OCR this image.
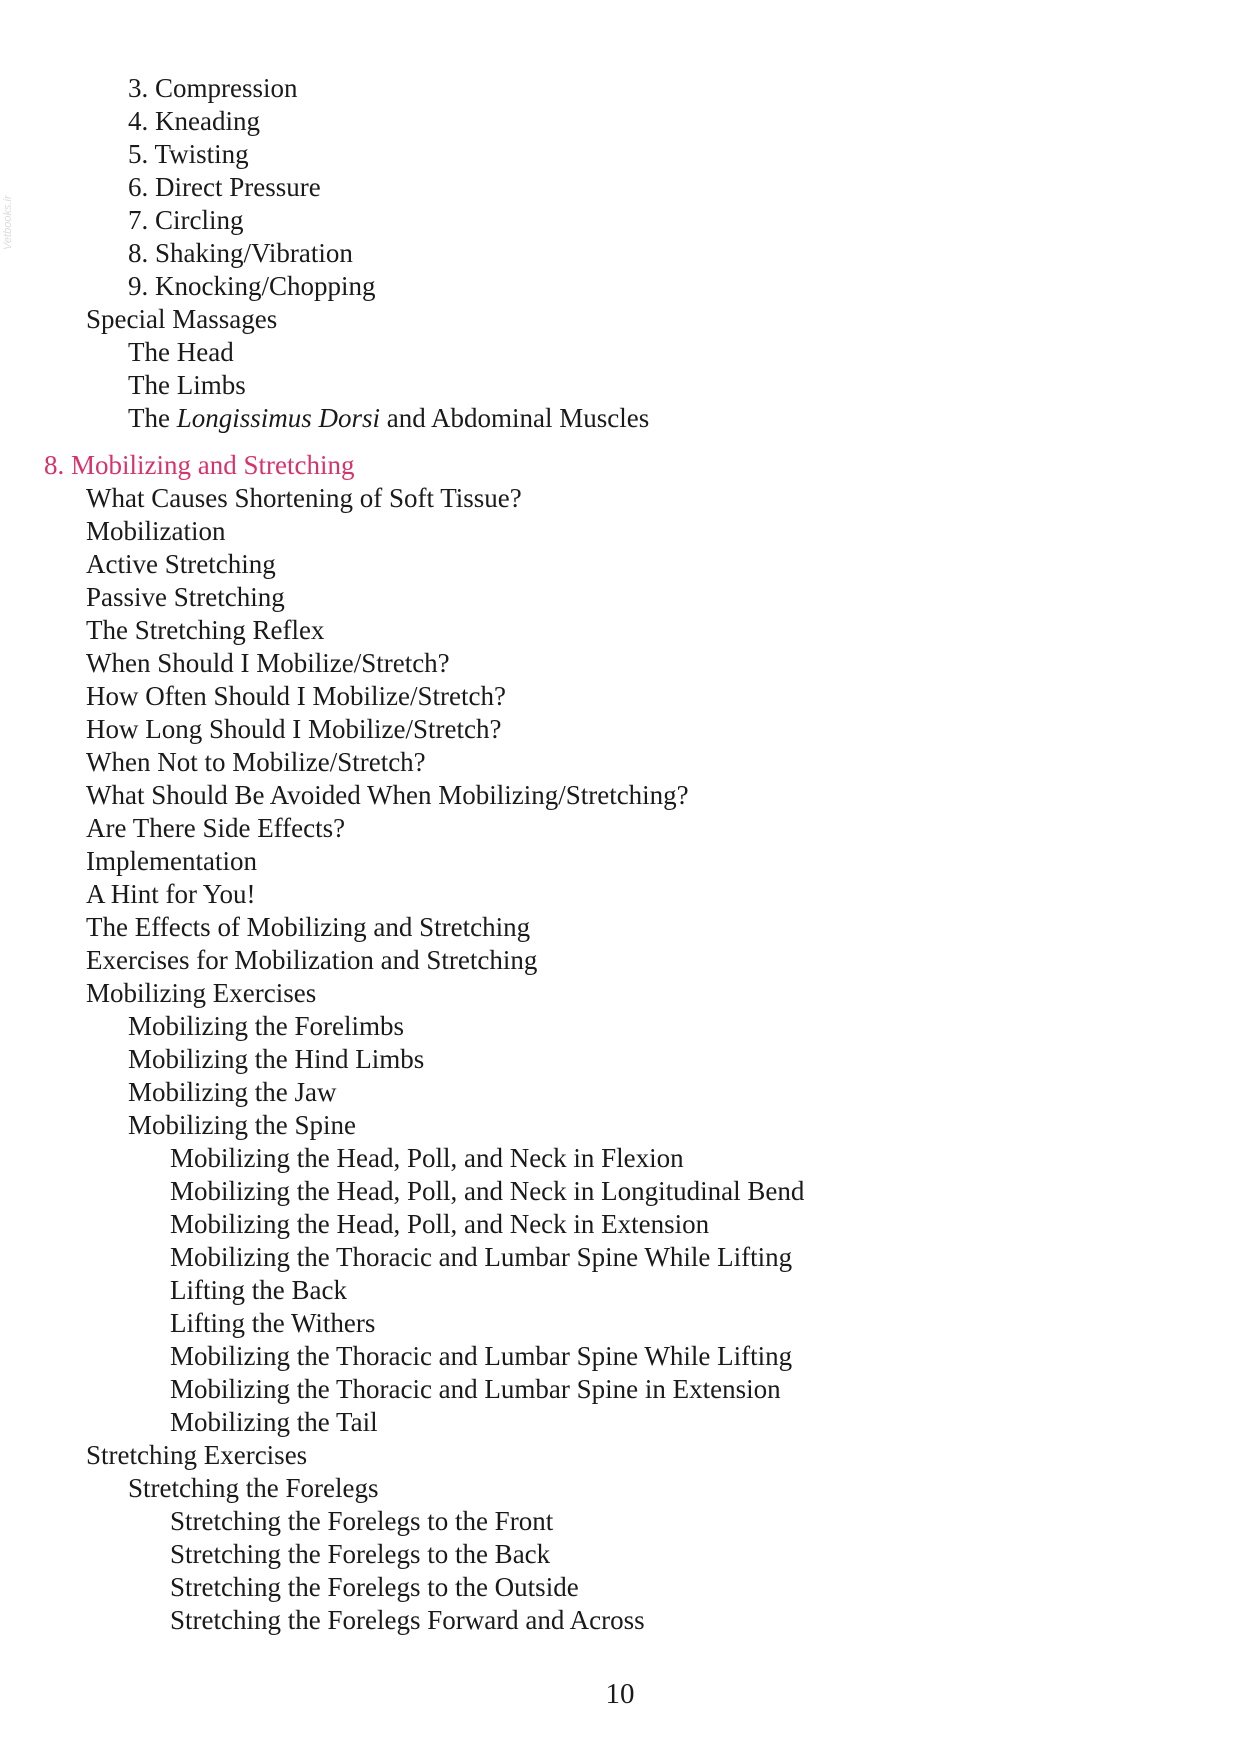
Vetbooks.ir
3. Compression
4. Kneading
5. Twisting
6. Direct Pressure
7. Circling
8. Shaking/Vibration
9. Knocking/Chopping
Special Massages
The Head
The Limbs
The Longissimus Dorsi and Abdominal Muscles
8. Mobilizing and Stretching
What Causes Shortening of Soft Tissue?
Mobilization
Active Stretching
Passive Stretching
The Stretching Reflex
When Should I Mobilize/Stretch?
How Often Should I Mobilize/Stretch?
How Long Should I Mobilize/Stretch?
When Not to Mobilize/Stretch?
What Should Be Avoided When Mobilizing/Stretching?
Are There Side Effects?
Implementation
A Hint for You!
The Effects of Mobilizing and Stretching
Exercises for Mobilization and Stretching
Mobilizing Exercises
Mobilizing the Forelimbs
Mobilizing the Hind Limbs
Mobilizing the Jaw
Mobilizing the Spine
Mobilizing the Head, Poll, and Neck in Flexion
Mobilizing the Head, Poll, and Neck in Longitudinal Bend
Mobilizing the Head, Poll, and Neck in Extension
Mobilizing the Thoracic and Lumbar Spine While Lifting
Lifting the Back
Lifting the Withers
Mobilizing the Thoracic and Lumbar Spine While Lifting
Mobilizing the Thoracic and Lumbar Spine in Extension
Mobilizing the Tail
Stretching Exercises
Stretching the Forelegs
Stretching the Forelegs to the Front
Stretching the Forelegs to the Back
Stretching the Forelegs to the Outside
Stretching the Forelegs Forward and Across
10
